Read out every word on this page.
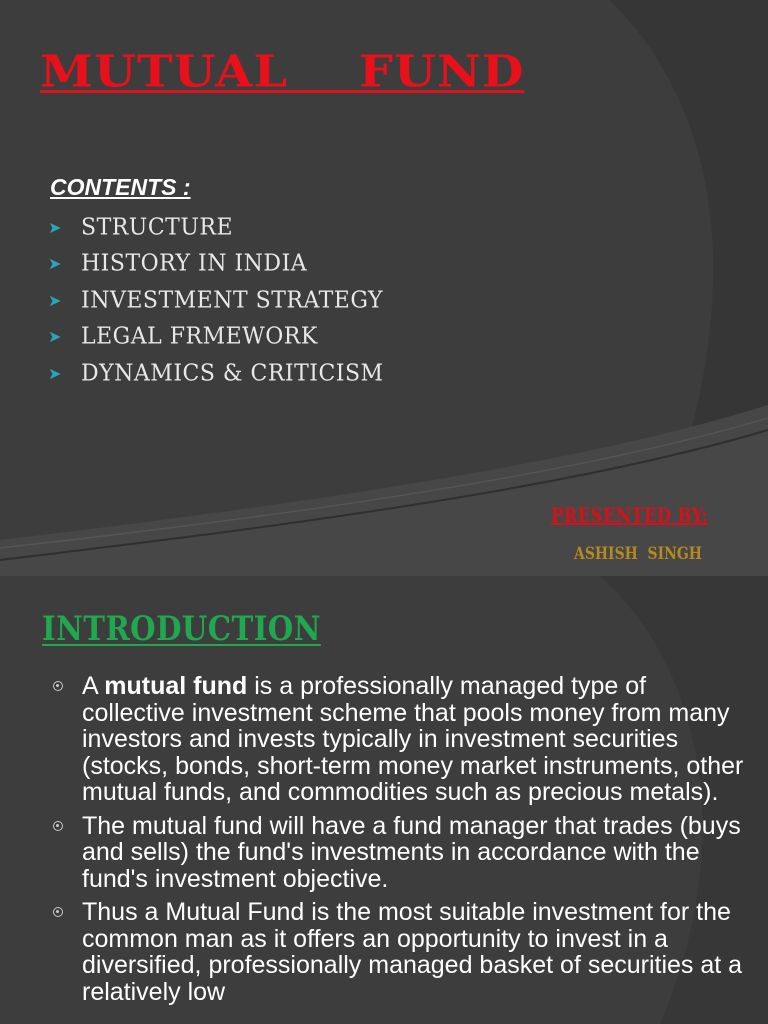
MUTUAL    FUND
CONTENTS :
➤ STRUCTURE
➤ HISTORY IN INDIA
➤ INVESTMENT STRATEGY
➤ LEGAL FRMEWORK
➤ DYNAMICS & CRITICISM
PRESENTED BY:
ASHISH  SINGH
INTRODUCTION
A mutual fund is a professionally managed type of collective investment scheme that pools money from many investors and invests typically in investment securities (stocks, bonds, short-term money market instruments, other mutual funds, and commodities such as precious metals).
The mutual fund will have a fund manager that trades (buys and sells) the fund's investments in accordance with the fund's investment objective.
Thus a Mutual Fund is the most suitable investment for the common man as it offers an opportunity to invest in a diversified, professionally managed basket of securities at a relatively low
